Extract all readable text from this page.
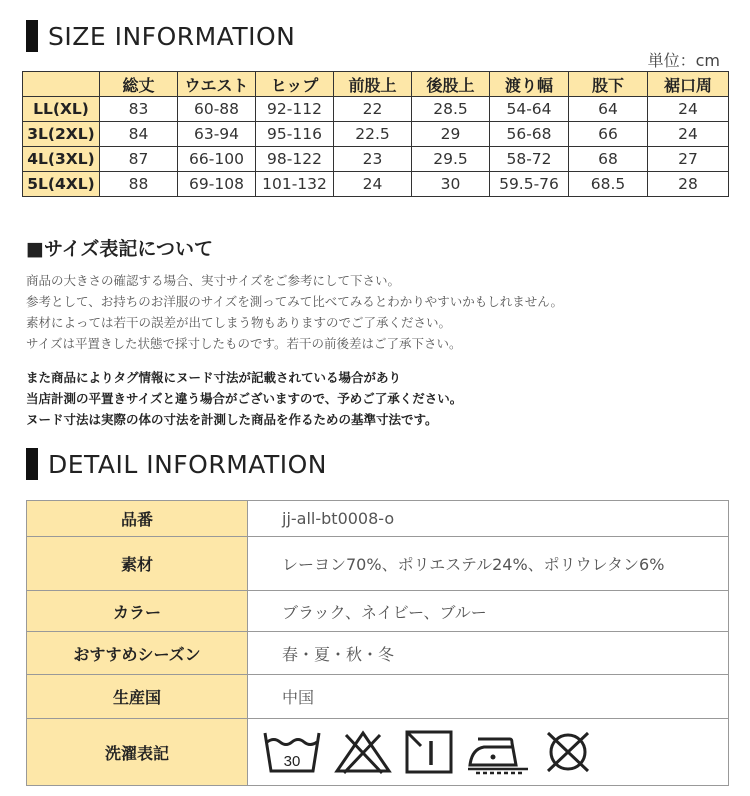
SIZE INFORMATION
単位：cm
	総丈	ウエスト	ヒップ	前股上	後股上	渡り幅	股下	裾口周
LL(XL)	83	60-88	92-112	22	28.5	54-64	64	24
3L(2XL)	84	63-94	95-116	22.5	29	56-68	66	24
4L(3XL)	87	66-100	98-122	23	29.5	58-72	68	27
5L(4XL)	88	69-108	101-132	24	30	59.5-76	68.5	28
■サイズ表記について
商品の大きさの確認する場合、実寸サイズをご参考にして下さい。
参考として、お持ちのお洋服のサイズを測ってみて比べてみるとわかりやすいかもしれません。
素材によっては若干の誤差が出てしまう物もありますのでご了承ください。
サイズは平置きした状態で採寸したものです。若干の前後差はご了承下さい。
また商品によりタグ情報にヌード寸法が記載されている場合があり
当店計測の平置きサイズと違う場合がございますので、予めご了承ください。
ヌード寸法は実際の体の寸法を計測した商品を作るための基準寸法です。
DETAIL INFORMATION
品番	jj-all-bt0008-o
素材	レーヨン70%、ポリエステル24%、ポリウレタン6%
カラー	ブラック、ネイビー、ブルー
おすすめシーズン	春・夏・秋・冬
生産国	中国
洗濯表記	30
